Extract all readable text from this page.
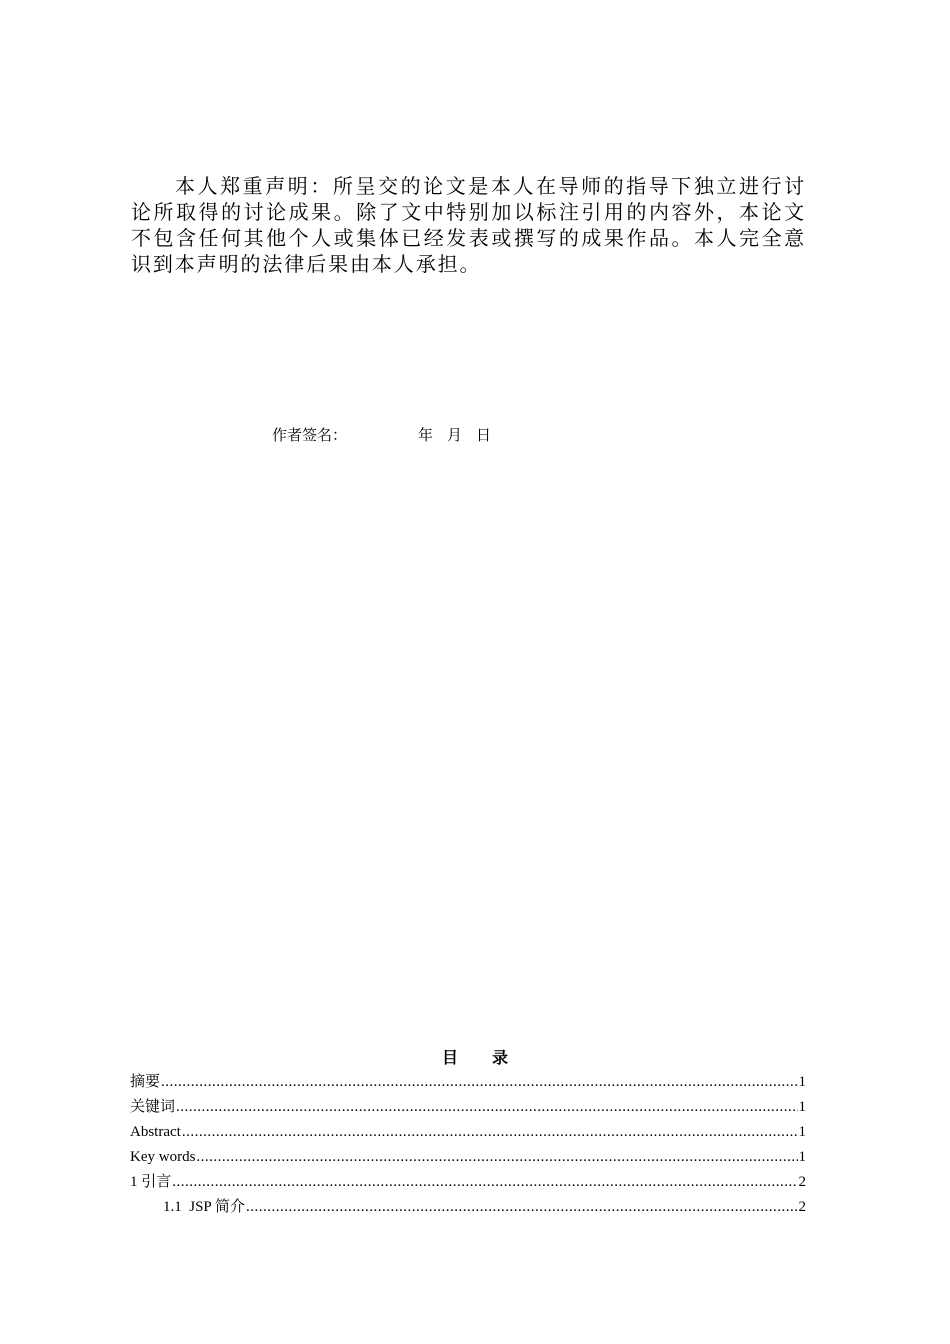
本人郑重声明：所呈交的论文是本人在导师的指导下独立进行讨论所取得的讨论成果。除了文中特别加以标注引用的内容外，本论文不包含任何其他个人或集体已经发表或撰写的成果作品。本人完全意识到本声明的法律后果由本人承担。

作者签名：	年 月 日
目 录
摘要 .....	1
关键词 .....	1
Abstract .....	1
Key words .....	1
1 引言 .....	2
1.1  JSP 简介 .....	2
